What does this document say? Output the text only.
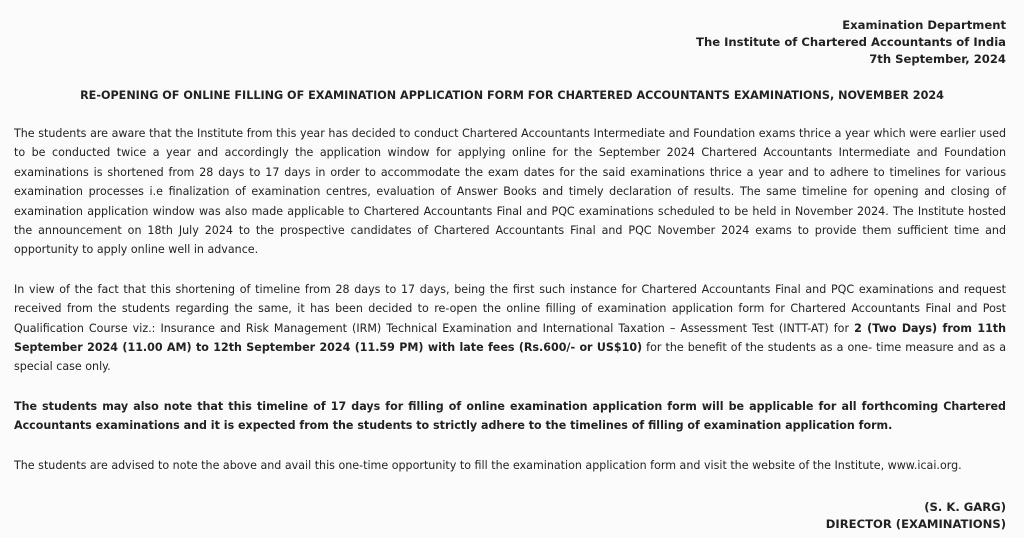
Examination Department
The Institute of Chartered Accountants of India
7th September, 2024
RE-OPENING OF ONLINE FILLING OF EXAMINATION APPLICATION FORM FOR CHARTERED ACCOUNTANTS EXAMINATIONS, NOVEMBER 2024

The students are aware that the Institute from this year has decided to conduct Chartered Accountants Intermediate and Foundation exams thrice a year which were earlier used to be conducted twice a year and accordingly the application window for applying online for the September 2024 Chartered Accountants Intermediate and Foundation examinations is shortened from 28 days to 17 days in order to accommodate the exam dates for the said examinations thrice a year and to adhere to timelines for various examination processes i.e finalization of examination centres, evaluation of Answer Books and timely declaration of results. The same timeline for opening and closing of examination application window was also made applicable to Chartered Accountants Final and PQC examinations scheduled to be held in November 2024. The Institute hosted the announcement on 18th July 2024 to the prospective candidates of Chartered Accountants Final and PQC November 2024 exams to provide them sufficient time and opportunity to apply online well in advance.

In view of the fact that this shortening of timeline from 28 days to 17 days, being the first such instance for Chartered Accountants Final and PQC examinations and request received from the students regarding the same, it has been decided to re-open the online filling of examination application form for Chartered Accountants Final and Post Qualification Course viz.: Insurance and Risk Management (IRM) Technical Examination and International Taxation – Assessment Test (INTT-AT) for 2 (Two Days) from 11th September 2024 (11.00 AM) to 12th September 2024 (11.59 PM) with late fees (Rs.600/- or US$10) for the benefit of the students as a one- time measure and as a special case only.

The students may also note that this timeline of 17 days for filling of online examination application form will be applicable for all forthcoming Chartered Accountants examinations and it is expected from the students to strictly adhere to the timelines of filling of examination application form.

The students are advised to note the above and avail this one-time opportunity to fill the examination application form and visit the website of the Institute, www.icai.org.

(S. K. GARG)
DIRECTOR (EXAMINATIONS)
